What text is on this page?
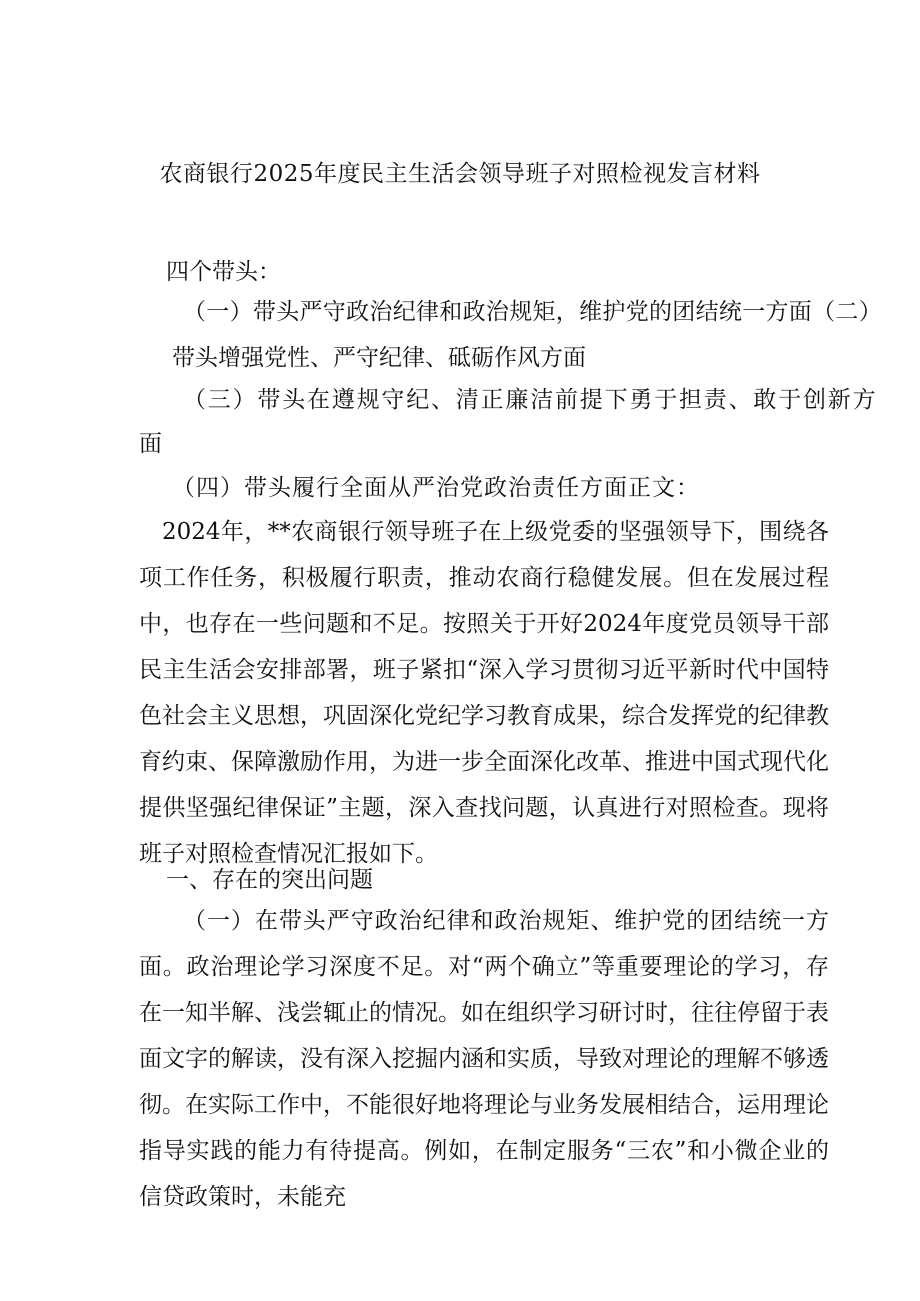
农商银行2025年度民主生活会领导班子对照检视发言材料
四个带头：
（一）带头严守政治纪律和政治规矩，维护党的团结统一方面（二）
带头增强党性、严守纪律、砥砺作风方面
（三）带头在遵规守纪、清正廉洁前提下勇于担责、敢于创新方
面
（四）带头履行全面从严治党政治责任方面正文：
2024年，**农商银行领导班子在上级党委的坚强领导下，围绕各项工作任务，积极履行职责，推动农商行稳健发展。但在发展过程中，也存在一些问题和不足。按照关于开好2024年度党员领导干部民主生活会安排部署，班子紧扣“深入学习贯彻习近平新时代中国特色社会主义思想，巩固深化党纪学习教育成果，综合发挥党的纪律教育约束、保障激励作用，为进一步全面深化改革、推进中国式现代化提供坚强纪律保证”主题，深入查找问题，认真进行对照检查。现将班子对照检查情况汇报如下。
一、存在的突出问题
（一）在带头严守政治纪律和政治规矩、维护党的团结统一方面。政治理论学习深度不足。对“两个确立”等重要理论的学习，存在一知半解、浅尝辄止的情况。如在组织学习研讨时，往往停留于表面文字的解读，没有深入挖掘内涵和实质，导致对理论的理解不够透彻。在实际工作中，不能很好地将理论与业务发展相结合，运用理论指导实践的能力有待提高。例如，在制定服务“三农”和小微企业的信贷政策时，未能充
